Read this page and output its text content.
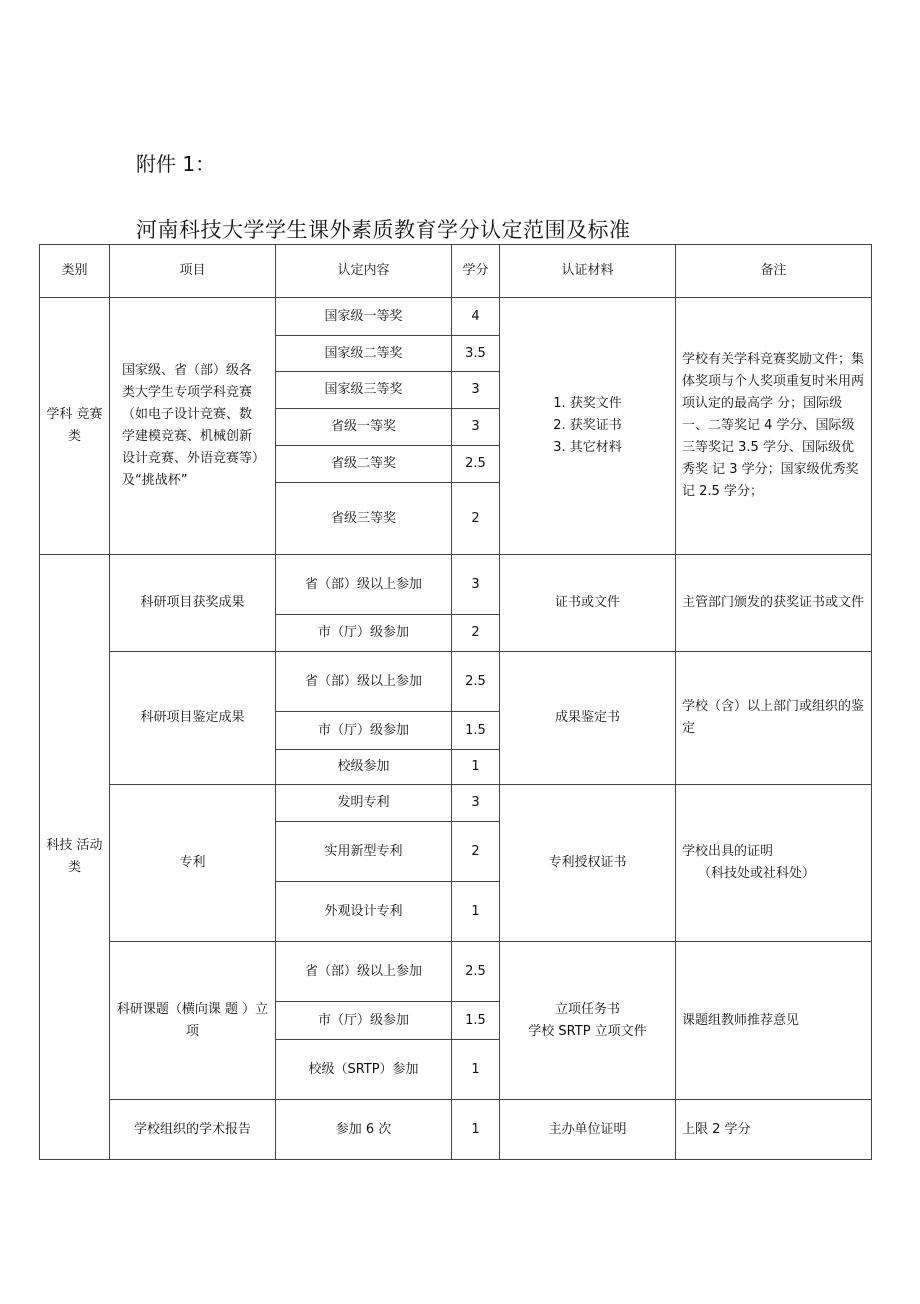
附件 1：
河南科技大学学生课外素质教育学分认定范围及标准
类别	项目	认定内容	学分	认证材料	备注
学科 竞赛类	国家级、省（部）级各类大学生专项学科竞赛（如电子设计竞赛、数学建模竞赛、机械创新设计竞赛、外语竞赛等）及“挑战杯”	国家级一等奖	4	1. 获奖文件
2. 获奖证书
3. 其它材料	学校有关学科竞赛奖励文件；集体奖项与个人奖项重复时米用两项认定的最高学 分；国际级一、二等奖记 4 学分、国际级三等奖记 3.5 学分、国际级优秀奖 记 3 学分；国家级优秀奖 记 2.5 学分；
		国家级二等奖	3.5		
		国家级三等奖	3		
		省级一等奖	3		
		省级二等奖	2.5		
		省级三等奖	2		
科技 活动类	科研项目获奖成果	省（部）级以上参加	3	证书或文件	主管部门颁发的获奖证书或文件
		市（厅）级参加	2		
	科研项目鉴定成果	省（部）级以上参加	2.5	成果鉴定书	学校（含）以上部门或组织的鉴定
		市（厅）级参加	1.5		
		校级参加	1		
	专利	发明专利	3	专利授权证书	学校出具的证明
（科技处或社科处）
		实用新型专利	2		
		外观设计专利	1		
	科研课题（横向课 题 ）立项	省（部）级以上参加	2.5	立项任务书
学校 SRTP 立项文件	课题组教师推荐意见
		市（厅）级参加	1.5		
		校级（SRTP）参加	1		
	学校组织的学术报告	参加 6 次	1	主办单位证明	上限 2 学分
